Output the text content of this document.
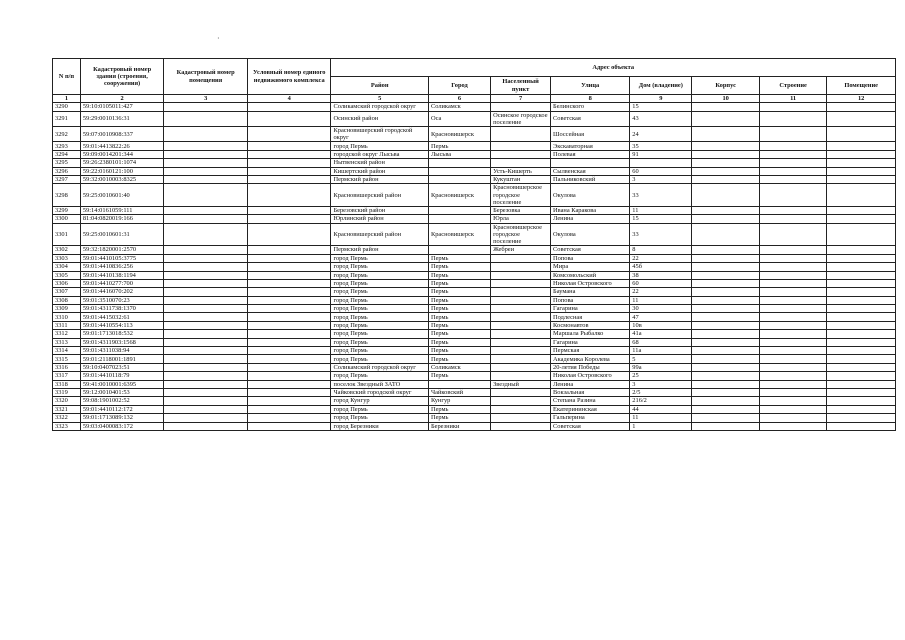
·
N п/п	Кадастровый номер здания (строения, сооружения)	Кадастровый номер помещения	Условный номер единого недвижимого комплекса	Адрес объекта							
				Район	Город	Населенный пункт	Улица	Дом (владение)	Корпус	Строение	Помещение
1	2	3	4	5	6	7	8	9	10	11	12
3290	59:10:0105011:427			Соликамский городской округ	Соликамск		Белинского	15			
3291	59:29:0010136:31			Осинский район	Оса	Осинское городское поселение	Советская	43			
3292	59:07:0010908:337			Красновишерский городской округ	Красновишерск		Шоссейная	24			
3293	59:01:4413822:26			город Пермь	Пермь		Экскаваторная	35			
3294	59:09:0014201:344			городской округ Лысьва	Лысьва		Полевая	91			
3295	59:26:2380101:1074			Нытвенский район							
3296	59:22:0160121:100			Кишертский район		Усть-Кишерть	Сылвенская	60			
3297	59:32:0010003:8325			Пермский район		Кукуштан	Пальниковский	3			
3298	59:25:0010601:40			Красновишерский район	Красновишерск	Красновишерское городское поселение	Окулова	33			
3299	59:14:0161059:111			Березовский район		Березовка	Ивана Каракова	11			
3300	81:04:0820019:166			Юрлинский район		Юрла	Ленина	15			
3301	59:25:0010601:31			Красновишерский район	Красновишерск	Красновишерское городское поселение	Окулова	33			
3302	59:32:1820001:2570			Пермский район		Жебреи	Советская	8			
3303	59:01:4410105:3775			город Пермь	Пермь		Попова	22			
3304	59:01:4410836:256			город Пермь	Пермь		Мира	45б			
3305	59:01:4410138:1194			город Пермь	Пермь		Комсомольский	38			
3306	59:01:4410277:700			город Пермь	Пермь		Николая Островского	60			
3307	59:01:4416070:202			город Пермь	Пермь		Баумана	22			
3308	59:01:3510070:23			город Пермь	Пермь		Попова	11			
3309	59:01:4311738:1370			город Пермь	Пермь		Гагарина	30			
3310	59:01:4415032:61			город Пермь	Пермь		Подлесная	47			
3311	59:01:4410554:113			город Пермь	Пермь		Космонавтов	10в			
3312	59:01:1713018:532			город Пермь	Пермь		Маршала Рыбалко	41а			
3313	59:01:4311903:1568			город Пермь	Пермь		Гагарина	68			
3314	59:01:4311038:94			город Пермь	Пермь		Пермская	11а			
3315	59:01:2118001:1891			город Пермь	Пермь		Академика Королева	5			
3316	59:10:0407023:51			Соликамский городской округ	Соликамск		20-летия Победы	99а			
3317	59:01:4410118:79			город Пермь	Пермь		Николая Островского	25			
3318	59:41:0010001:6395			поселок Звездный ЗАТО		Звездный	Ленина	3			
3319	59:12:0010401:53			Чайковский городской округ	Чайковский		Вокзальная	2/5			
3320	59:08:1901002:52			город Кунгур	Кунгур		Степана Разина	216/2			
3321	59:01:4410112:172			город Пермь	Пермь		Екатерининская	44			
3322	59:01:1713089:132			город Пермь	Пермь		Гальперина	11			
3323	59:03:0400083:172			город Березники	Березники		Советская	1			
